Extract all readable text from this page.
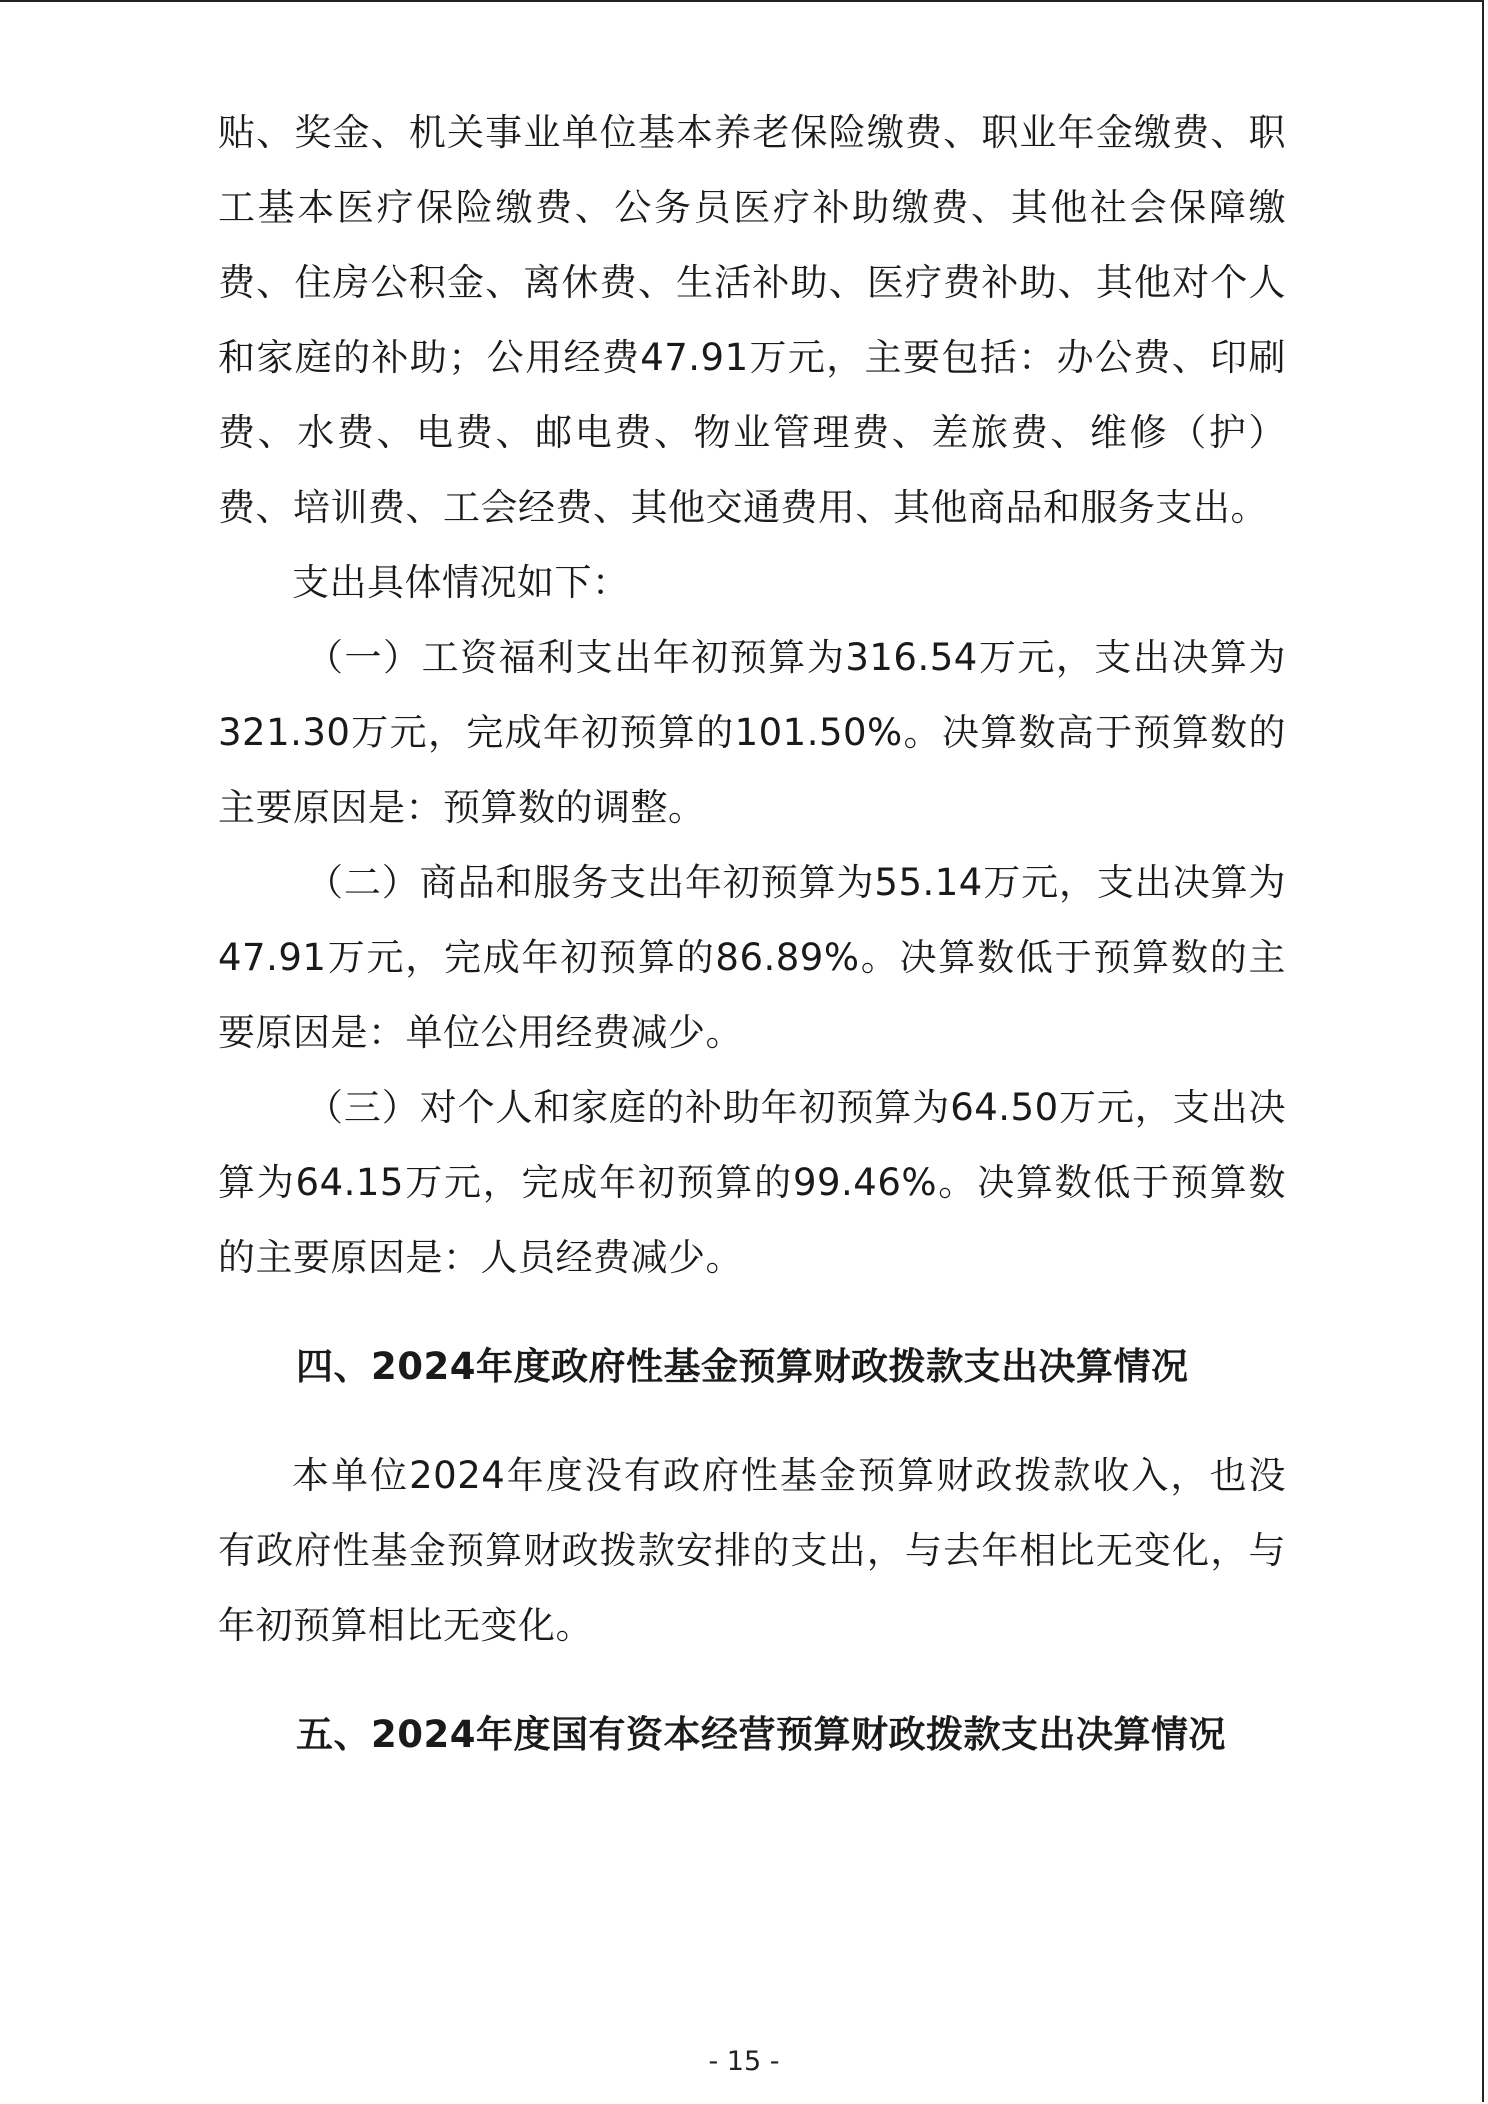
贴、奖金、机关事业单位基本养老保险缴费、职业年金缴费、职工基本医疗保险缴费、公务员医疗补助缴费、其他社会保障缴费、住房公积金、离休费、生活补助、医疗费补助、其他对个人和家庭的补助；公用经费47.91万元，主要包括：办公费、印刷费、水费、电费、邮电费、物业管理费、差旅费、维修（护）费、培训费、工会经费、其他交通费用、其他商品和服务支出。

支出具体情况如下：

（一）工资福利支出年初预算为316.54万元，支出决算为321.30万元，完成年初预算的101.50%。决算数高于预算数的主要原因是：预算数的调整。

（二）商品和服务支出年初预算为55.14万元，支出决算为47.91万元，完成年初预算的86.89%。决算数低于预算数的主要原因是：单位公用经费减少。

（三）对个人和家庭的补助年初预算为64.50万元，支出决算为64.15万元，完成年初预算的99.46%。决算数低于预算数的主要原因是：人员经费减少。

四、2024年度政府性基金预算财政拨款支出决算情况

本单位2024年度没有政府性基金预算财政拨款收入，也没有政府性基金预算财政拨款安排的支出，与去年相比无变化，与年初预算相比无变化。

五、2024年度国有资本经营预算财政拨款支出决算情况
- 15 -
